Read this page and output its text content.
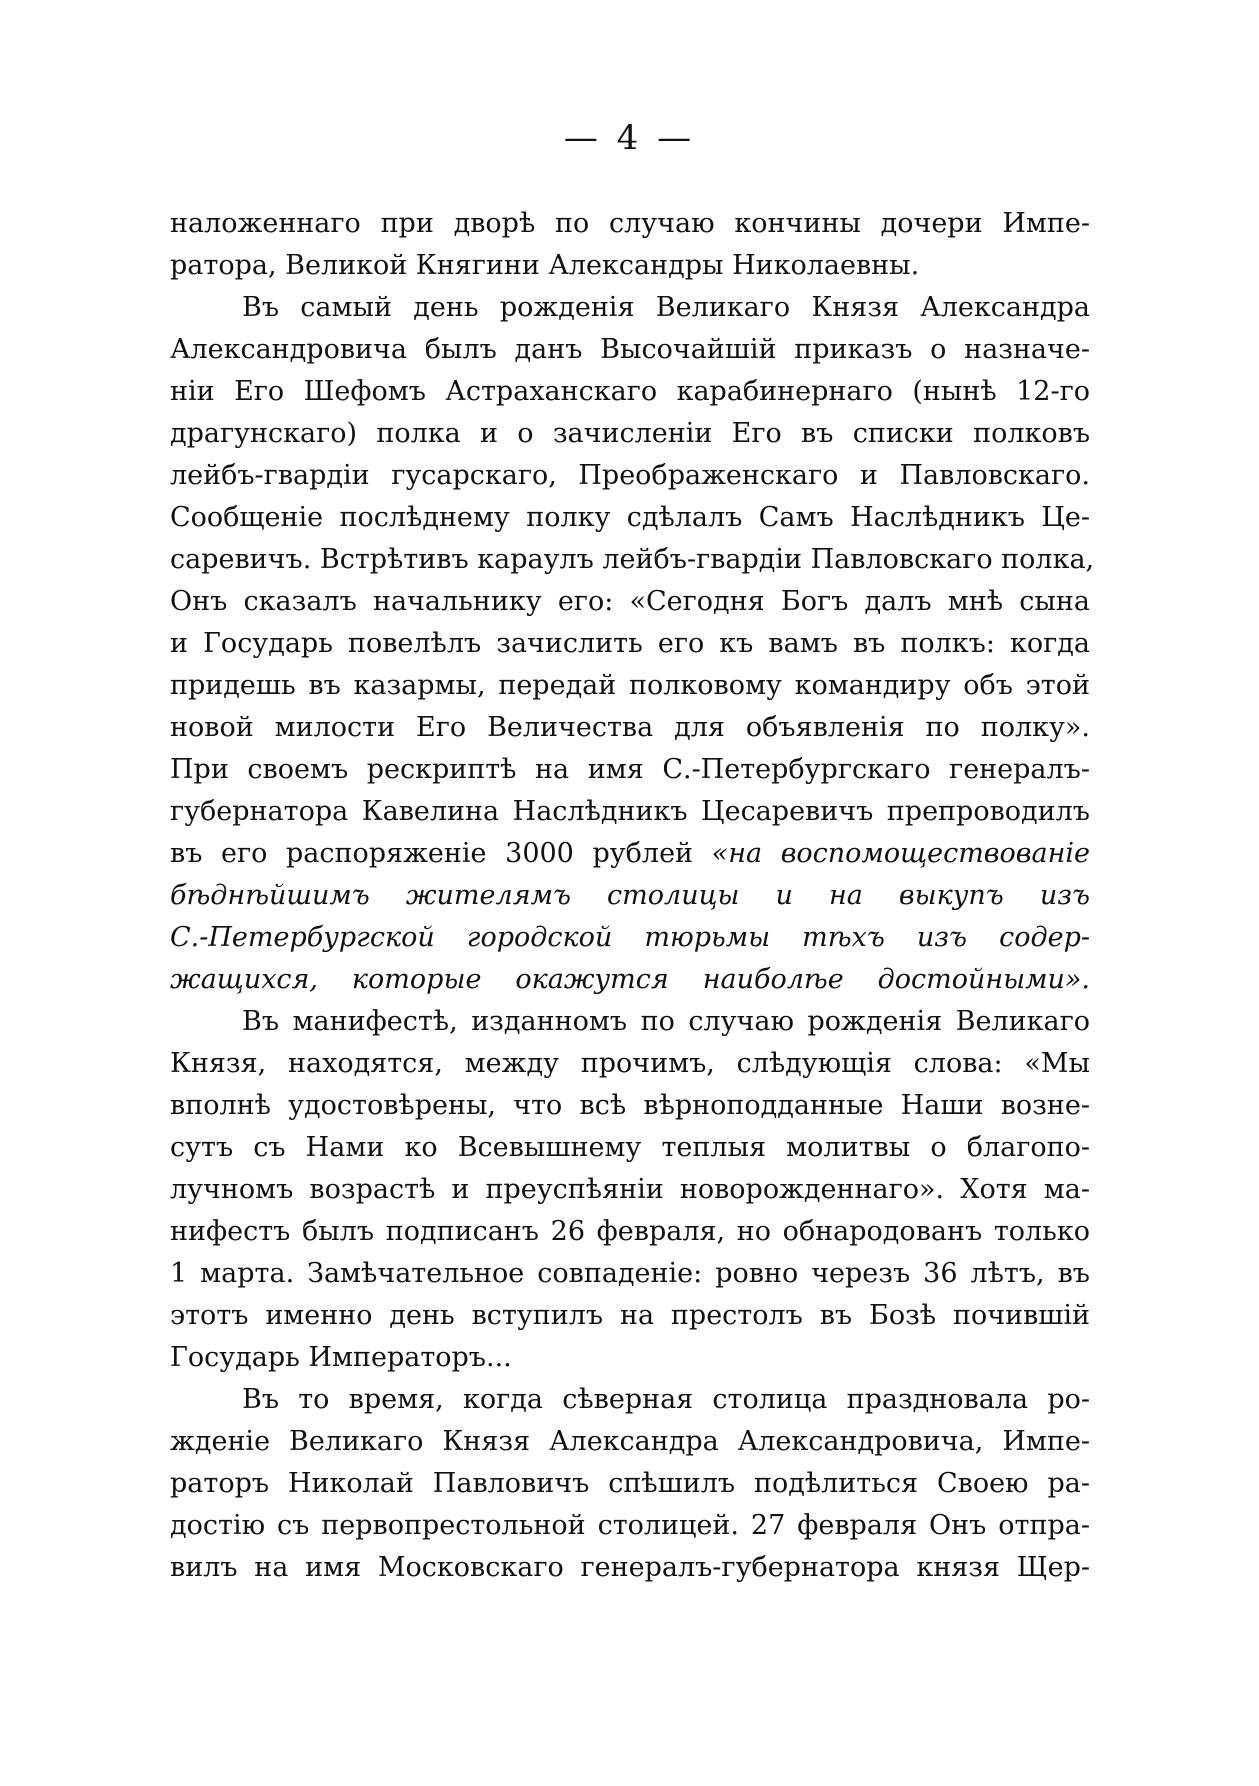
— 4 —
наложеннаго при дворѣ по случаю кончины дочери Импе-
ратора, Великой Княгини Александры Николаевны.
Въ самый день рожденія Великаго Князя Александра
Александровича былъ данъ Высочайшій приказъ о назначе-
ніи Его Шефомъ Астраханскаго карабинернаго (нынѣ 12-го
драгунскаго) полка и о зачисленіи Его въ списки полковъ
лейбъ-гвардіи гусарскаго, Преображенскаго и Павловскаго.
Сообщеніе послѣднему полку сдѣлалъ Самъ Наслѣдникъ Це-
саревичъ. Встрѣтивъ караулъ лейбъ-гвардіи Павловскаго полка,
Онъ сказалъ начальнику его: «Сегодня Богъ далъ мнѣ сына
и Государь повелѣлъ зачислить его къ вамъ въ полкъ: когда
придешь въ казармы, передай полковому командиру объ этой
новой милости Его Величества для объявленія по полку».
При своемъ рескриптѣ на имя С.-Петербургскаго генералъ-
губернатора Кавелина Наслѣдникъ Цесаревичъ препроводилъ
въ его распоряженіе 3000 рублей «на воспомоществованіе
бѣднѣйшимъ жителямъ столицы и на выкупъ изъ
С.-Петербургской городской тюрьмы тѣхъ изъ содер-
жащихся, которые окажутся наиболѣе достойными».
Въ манифестѣ, изданномъ по случаю рожденія Великаго
Князя, находятся, между прочимъ, слѣдующія слова: «Мы
вполнѣ удостовѣрены, что всѣ вѣрноподданные Наши возне-
сутъ съ Нами ко Всевышнему теплыя молитвы о благопо-
лучномъ возрастѣ и преуспѣяніи новорожденнаго». Хотя ма-
нифестъ былъ подписанъ 26 февраля, но обнародованъ только
1 марта. Замѣчательное совпаденіе: ровно черезъ 36 лѣтъ, въ
этотъ именно день вступилъ на престолъ въ Бозѣ почившій
Государь Императоръ...
Въ то время, когда сѣверная столица праздновала ро-
жденіе Великаго Князя Александра Александровича, Импе-
раторъ Николай Павловичъ спѣшилъ подѣлиться Своею ра-
достію съ первопрестольной столицей. 27 февраля Онъ отпра-
вилъ на имя Московскаго генералъ-губернатора князя Щер-
